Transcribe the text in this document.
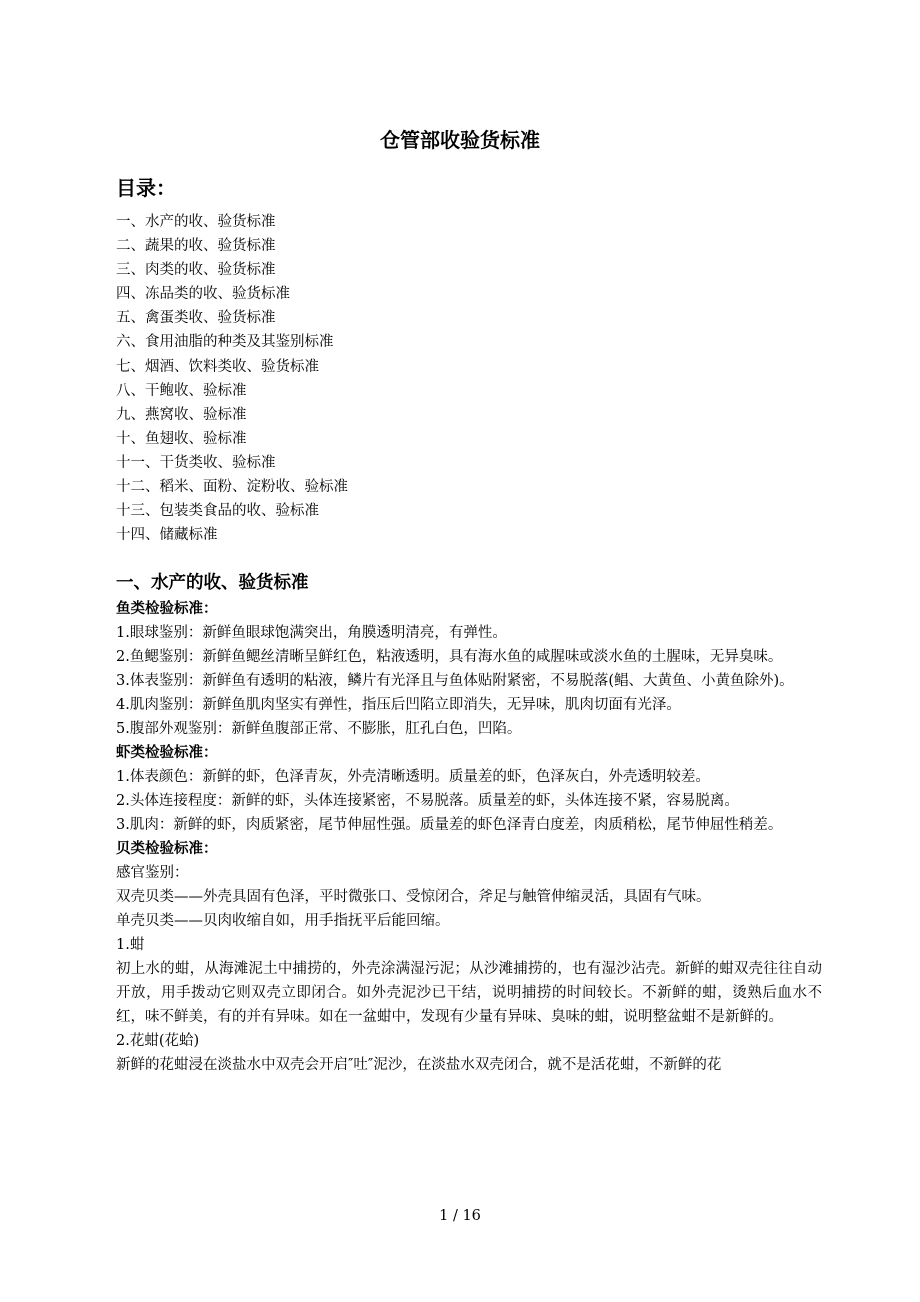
仓管部收验货标准
目录：
一、水产的收、验货标准
二、蔬果的收、验货标准
三、肉类的收、验货标准
四、冻品类的收、验货标准
五、禽蛋类收、验货标准
六、食用油脂的种类及其鉴别标准
七、烟酒、饮料类收、验货标准
八、干鲍收、验标准
九、燕窝收、验标准
十、鱼翅收、验标准
十一、干货类收、验标准
十二、稻米、面粉、淀粉收、验标准
十三、包装类食品的收、验标准
十四、储藏标准
一、水产的收、验货标准
鱼类检验标准：
1.眼球鉴别：新鲜鱼眼球饱满突出，角膜透明清亮，有弹性。
2.鱼鳃鉴别：新鲜鱼鳃丝清晰呈鲜红色，粘液透明，具有海水鱼的咸腥味或淡水鱼的土腥味，无异臭味。
3.体表鉴别：新鲜鱼有透明的粘液，鳞片有光泽且与鱼体贴附紧密，不易脱落(鲳、大黄鱼、小黄鱼除外)。
4.肌肉鉴别：新鲜鱼肌肉坚实有弹性，指压后凹陷立即消失，无异味，肌肉切面有光泽。
5.腹部外观鉴别：新鲜鱼腹部正常、不膨胀，肛孔白色，凹陷。
虾类检验标准：
1.体表颜色：新鲜的虾，色泽青灰，外壳清晰透明。质量差的虾，色泽灰白，外壳透明较差。
2.头体连接程度：新鲜的虾，头体连接紧密，不易脱落。质量差的虾，头体连接不紧，容易脱离。
3.肌肉：新鲜的虾，肉质紧密，尾节伸屈性强。质量差的虾色泽青白度差，肉质稍松，尾节伸屈性稍差。
贝类检验标准：
感官鉴别：
双壳贝类——外壳具固有色泽，平时微张口、受惊闭合，斧足与触管伸缩灵活，具固有气味。
单壳贝类——贝肉收缩自如，用手指抚平后能回缩。
1.蚶
初上水的蚶，从海滩泥土中捕捞的，外壳涂满湿污泥；从沙滩捕捞的，也有湿沙沾壳。新鲜的蚶双壳往往自动开放，用手拨动它则双壳立即闭合。如外壳泥沙已干结，说明捕捞的时间较长。不新鲜的蚶，烫熟后血水不红，味不鲜美，有的并有异味。如在一盆蚶中，发现有少量有异味、臭味的蚶，说明整盆蚶不是新鲜的。
2.花蚶(花蛤)
新鲜的花蚶浸在淡盐水中双壳会开启″吐″泥沙，在淡盐水双壳闭合，就不是活花蚶，不新鲜的花
1 / 16
